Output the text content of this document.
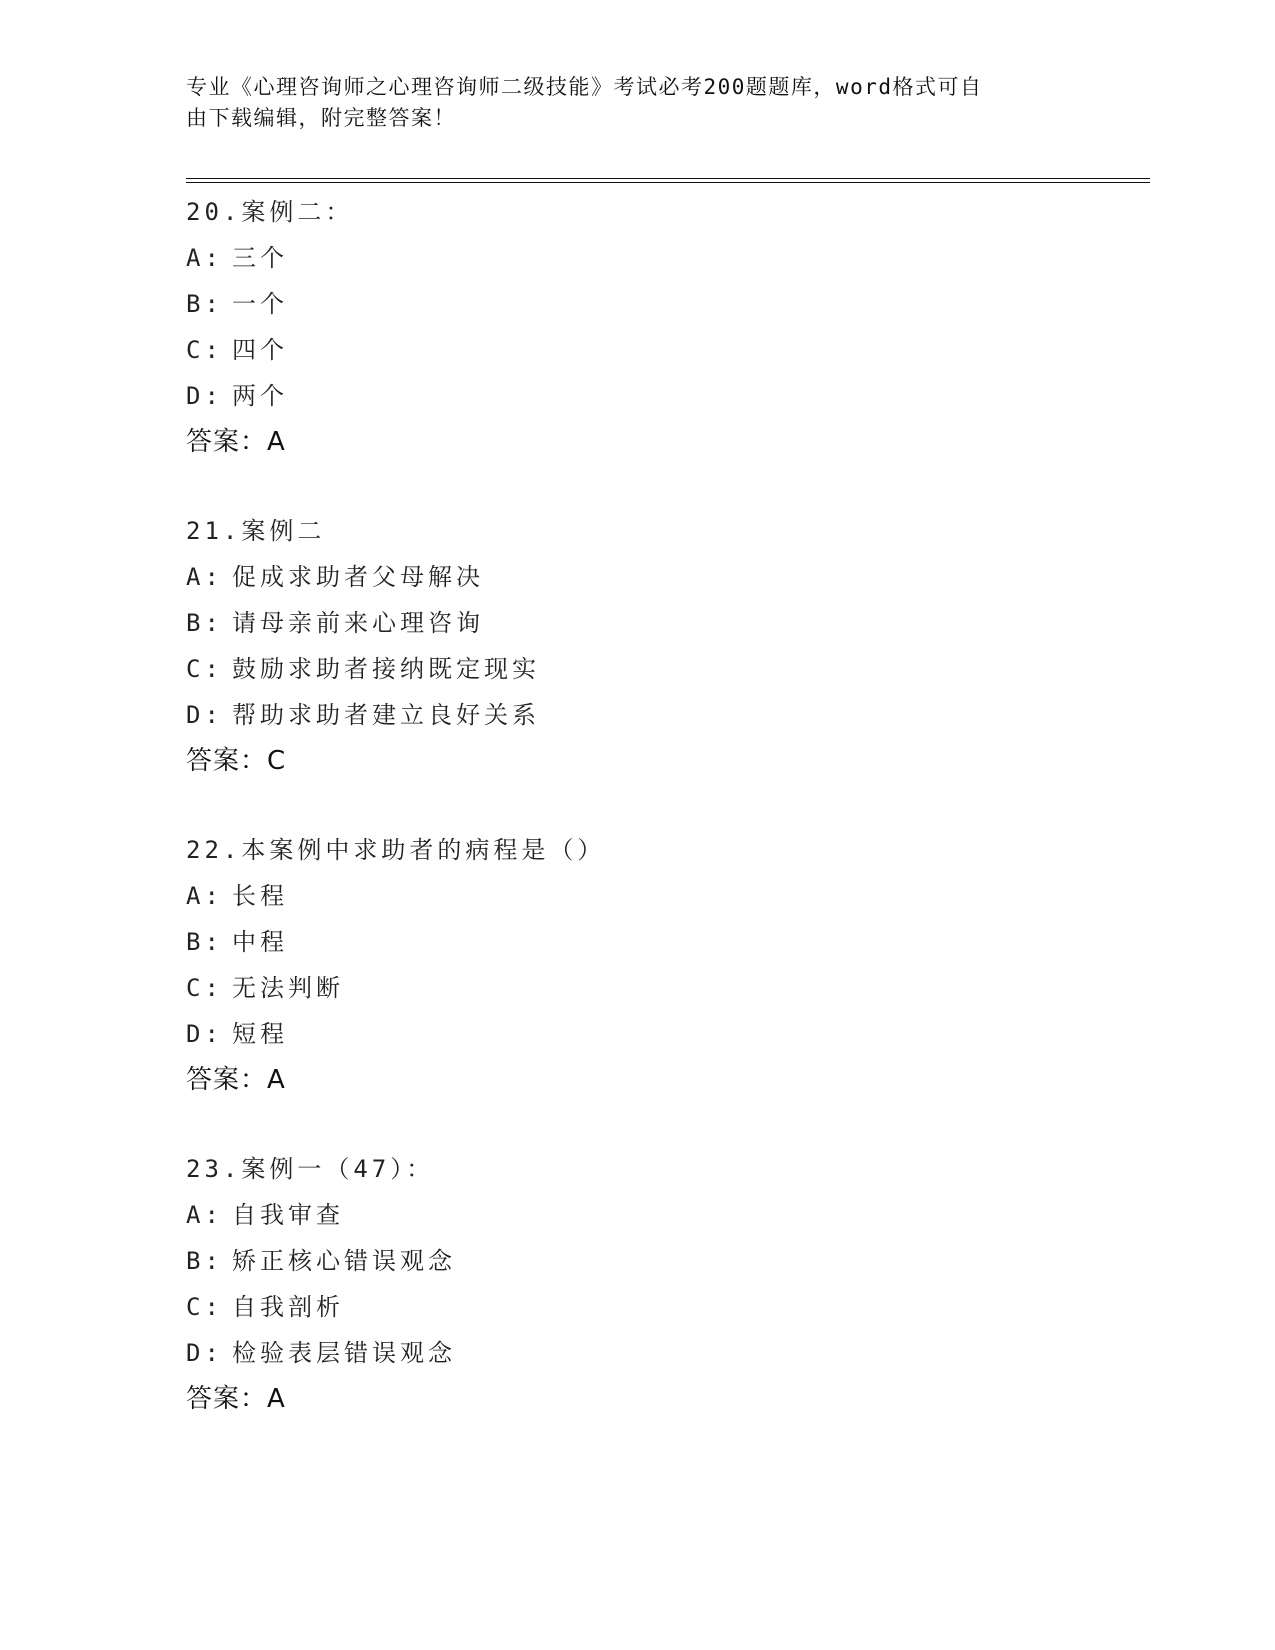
专业《心理咨询师之心理咨询师二级技能》考试必考200题题库，word格式可自
由下载编辑，附完整答案！
20.案例二：
A: 三个
B: 一个
C: 四个
D: 两个
答案：A
21.案例二
A: 促成求助者父母解决
B: 请母亲前来心理咨询
C: 鼓励求助者接纳既定现实
D: 帮助求助者建立良好关系
答案：C
22.本案例中求助者的病程是（）
A: 长程
B: 中程
C: 无法判断
D: 短程
答案：A
23.案例一（47）：
A: 自我审查
B: 矫正核心错误观念
C: 自我剖析
D: 检验表层错误观念
答案：A
